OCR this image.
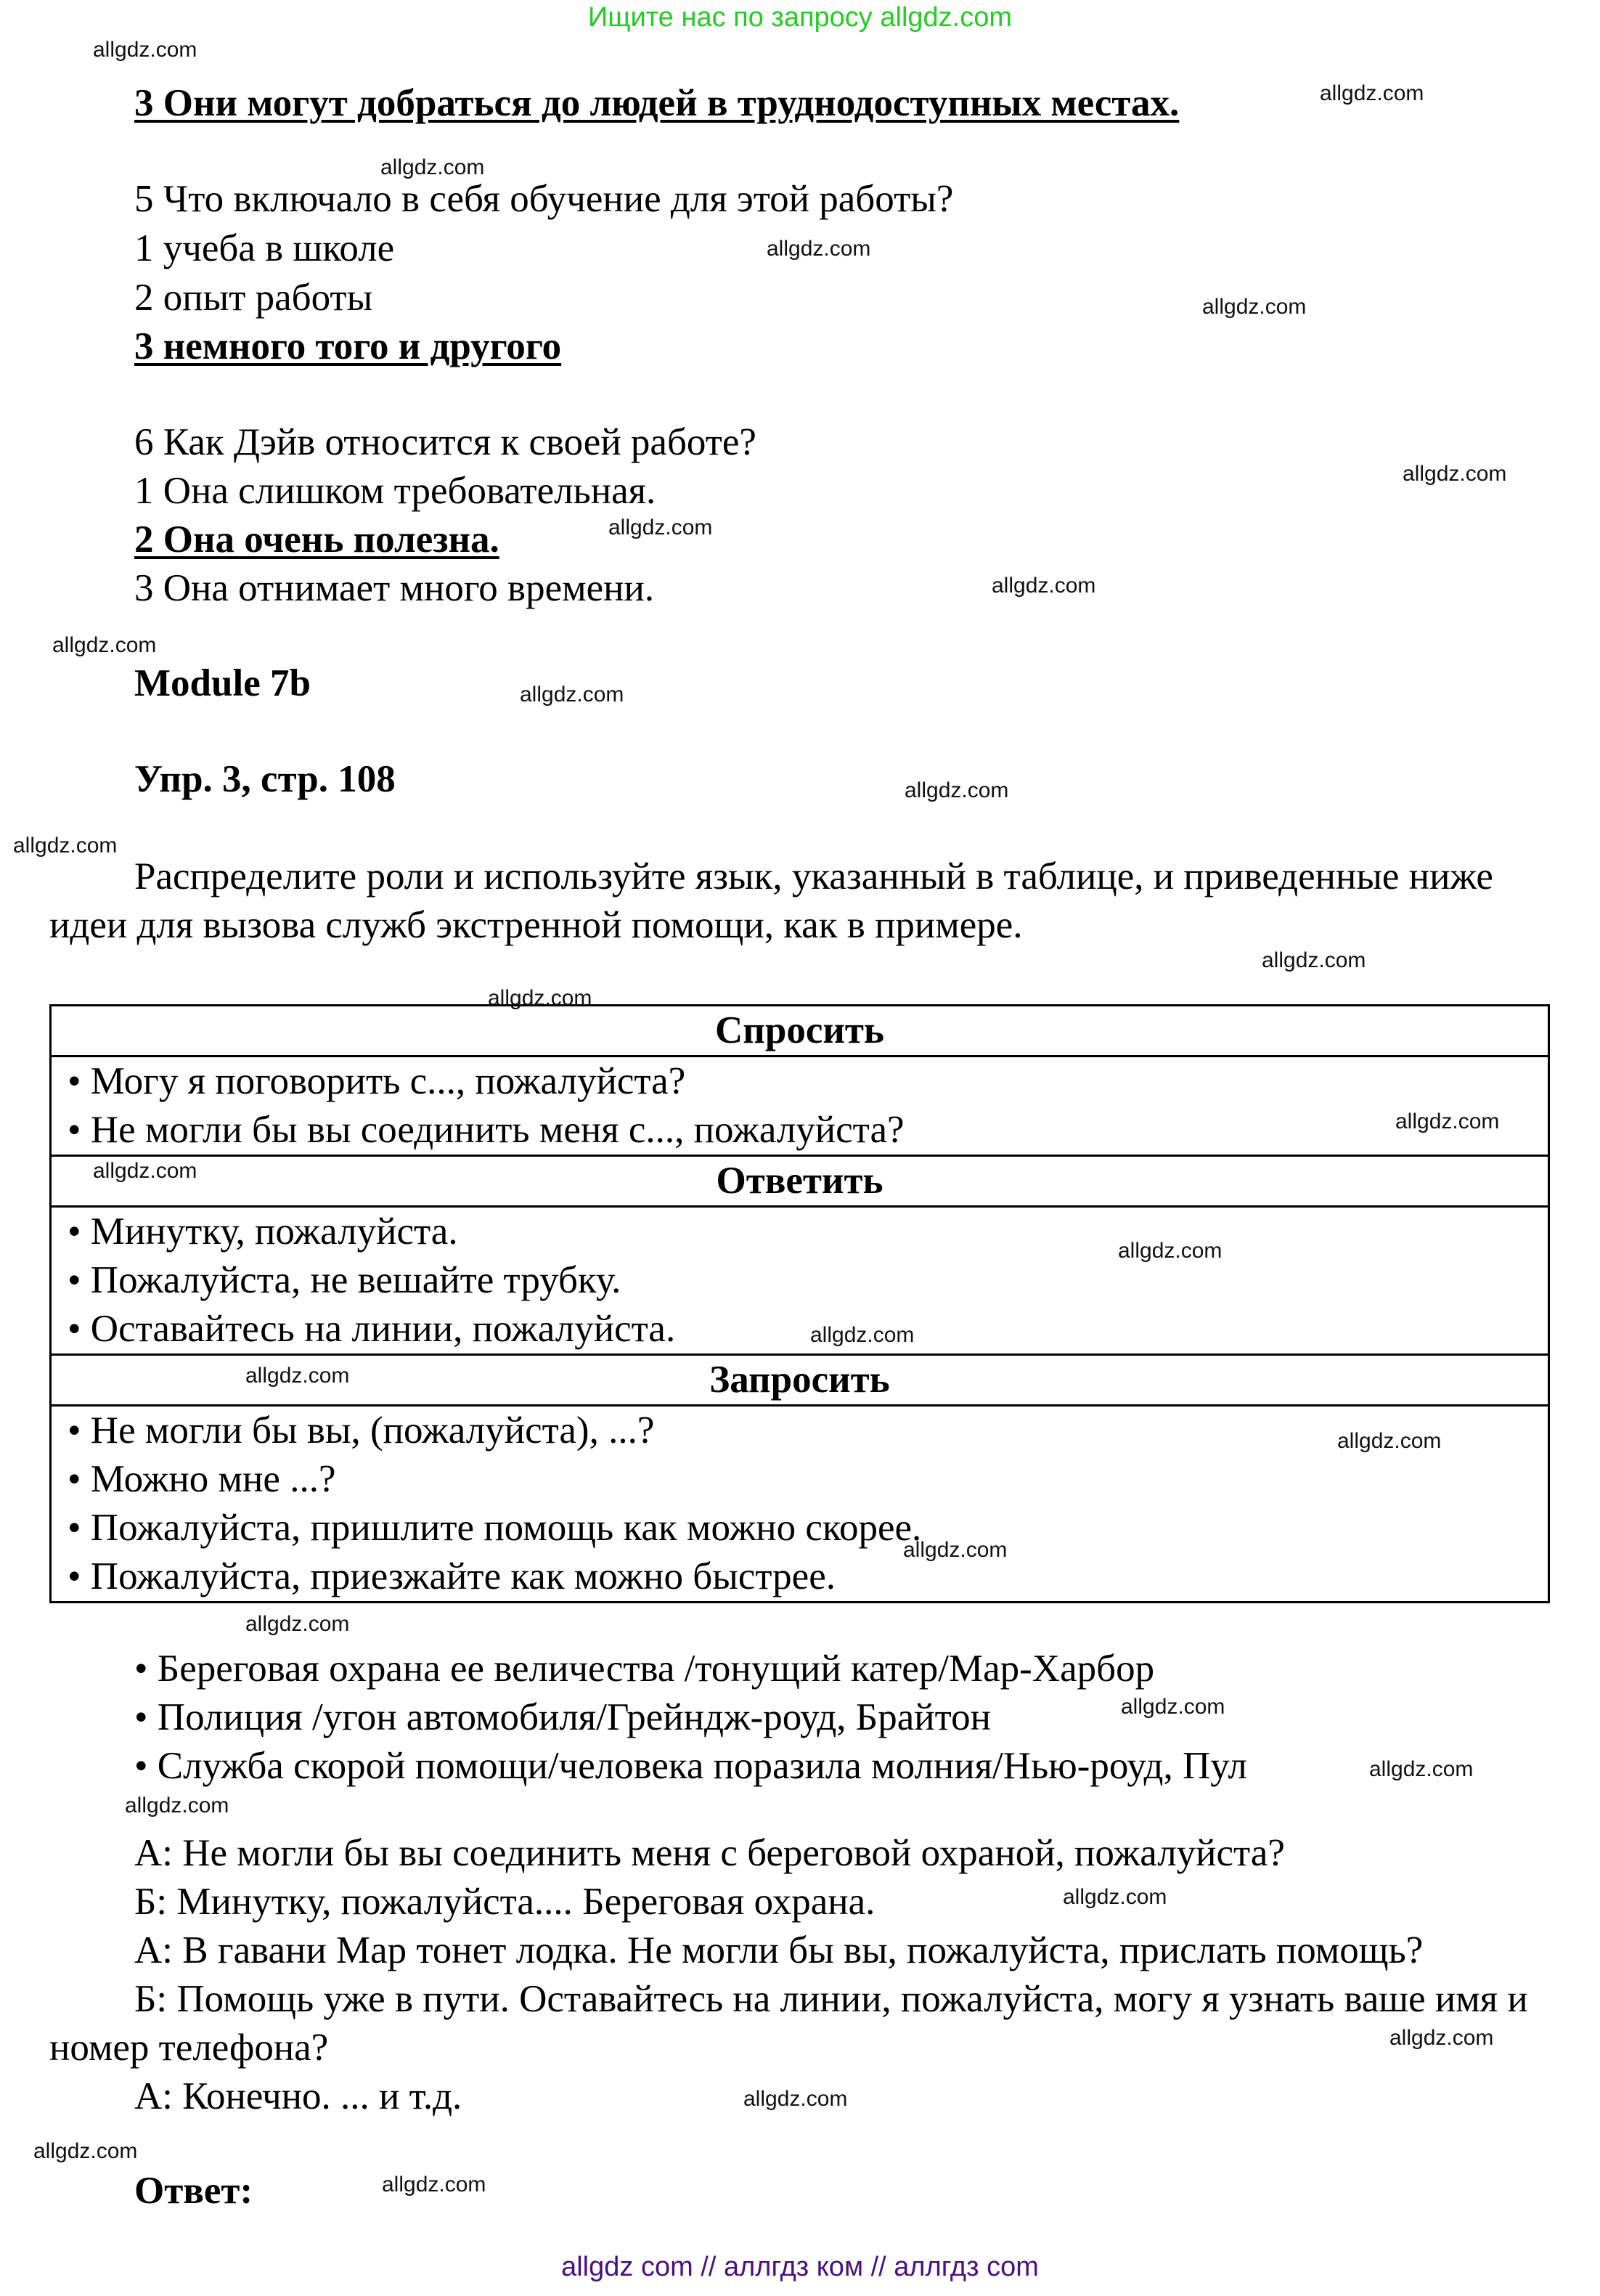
Ищите нас по запросу allgdz.com
3 Они могут добраться до людей в труднодоступных местах.
5 Что включало в себя обучение для этой работы?
1 учеба в школе
2 опыт работы
3 немного того и другого
6 Как Дэйв относится к своей работе?
1 Она слишком требовательная.
2 Она очень полезна.
3 Она отнимает много времени.
Module 7b
Упр. 3, стр. 108
Распределите роли и используйте язык, указанный в таблице, и приведенные ниже идеи для вызова служб экстренной помощи, как в примере.
Спросить

• Могу я поговорить с..., пожалуйста?
• Не могли бы вы соединить меня с..., пожалуйста?

Ответить

• Минутку, пожалуйста.
• Пожалуйста, не вешайте трубку.
• Оставайтесь на линии, пожалуйста.

Запросить

• Не могли бы вы, (пожалуйста), ...?
• Можно мне ...?
• Пожалуйста, пришлите помощь как можно скорее.
• Пожалуйста, приезжайте как можно быстрее.
• Береговая охрана ее величества /тонущий катер/Мар-Харбор
• Полиция /угон автомобиля/Грейндж-роуд, Брайтон
• Служба скорой помощи/человека поразила молния/Нью-роуд, Пул
А: Не могли бы вы соединить меня с береговой охраной, пожалуйста?
Б: Минутку, пожалуйста.... Береговая охрана.
А: В гавани Мар тонет лодка. Не могли бы вы, пожалуйста, прислать помощь?
Б: Помощь уже в пути. Оставайтесь на линии, пожалуйста, могу я узнать ваше имя и номер телефона?
А: Конечно. ... и т.д.
Ответ:
allgdz.com
allgdz.com
allgdz.com
allgdz.com
allgdz.com
allgdz.com
allgdz.com
allgdz.com
allgdz.com
allgdz.com
allgdz.com
allgdz.com
allgdz.com
allgdz.com
allgdz.com
allgdz.com
allgdz.com
allgdz.com
allgdz.com
allgdz.com
allgdz.com
allgdz.com
allgdz.com
allgdz.com
allgdz.com
allgdz.com
allgdz.com
allgdz.com
allgdz.com
allgdz.com
allgdz com // аллгдз ком // аллгдз com
